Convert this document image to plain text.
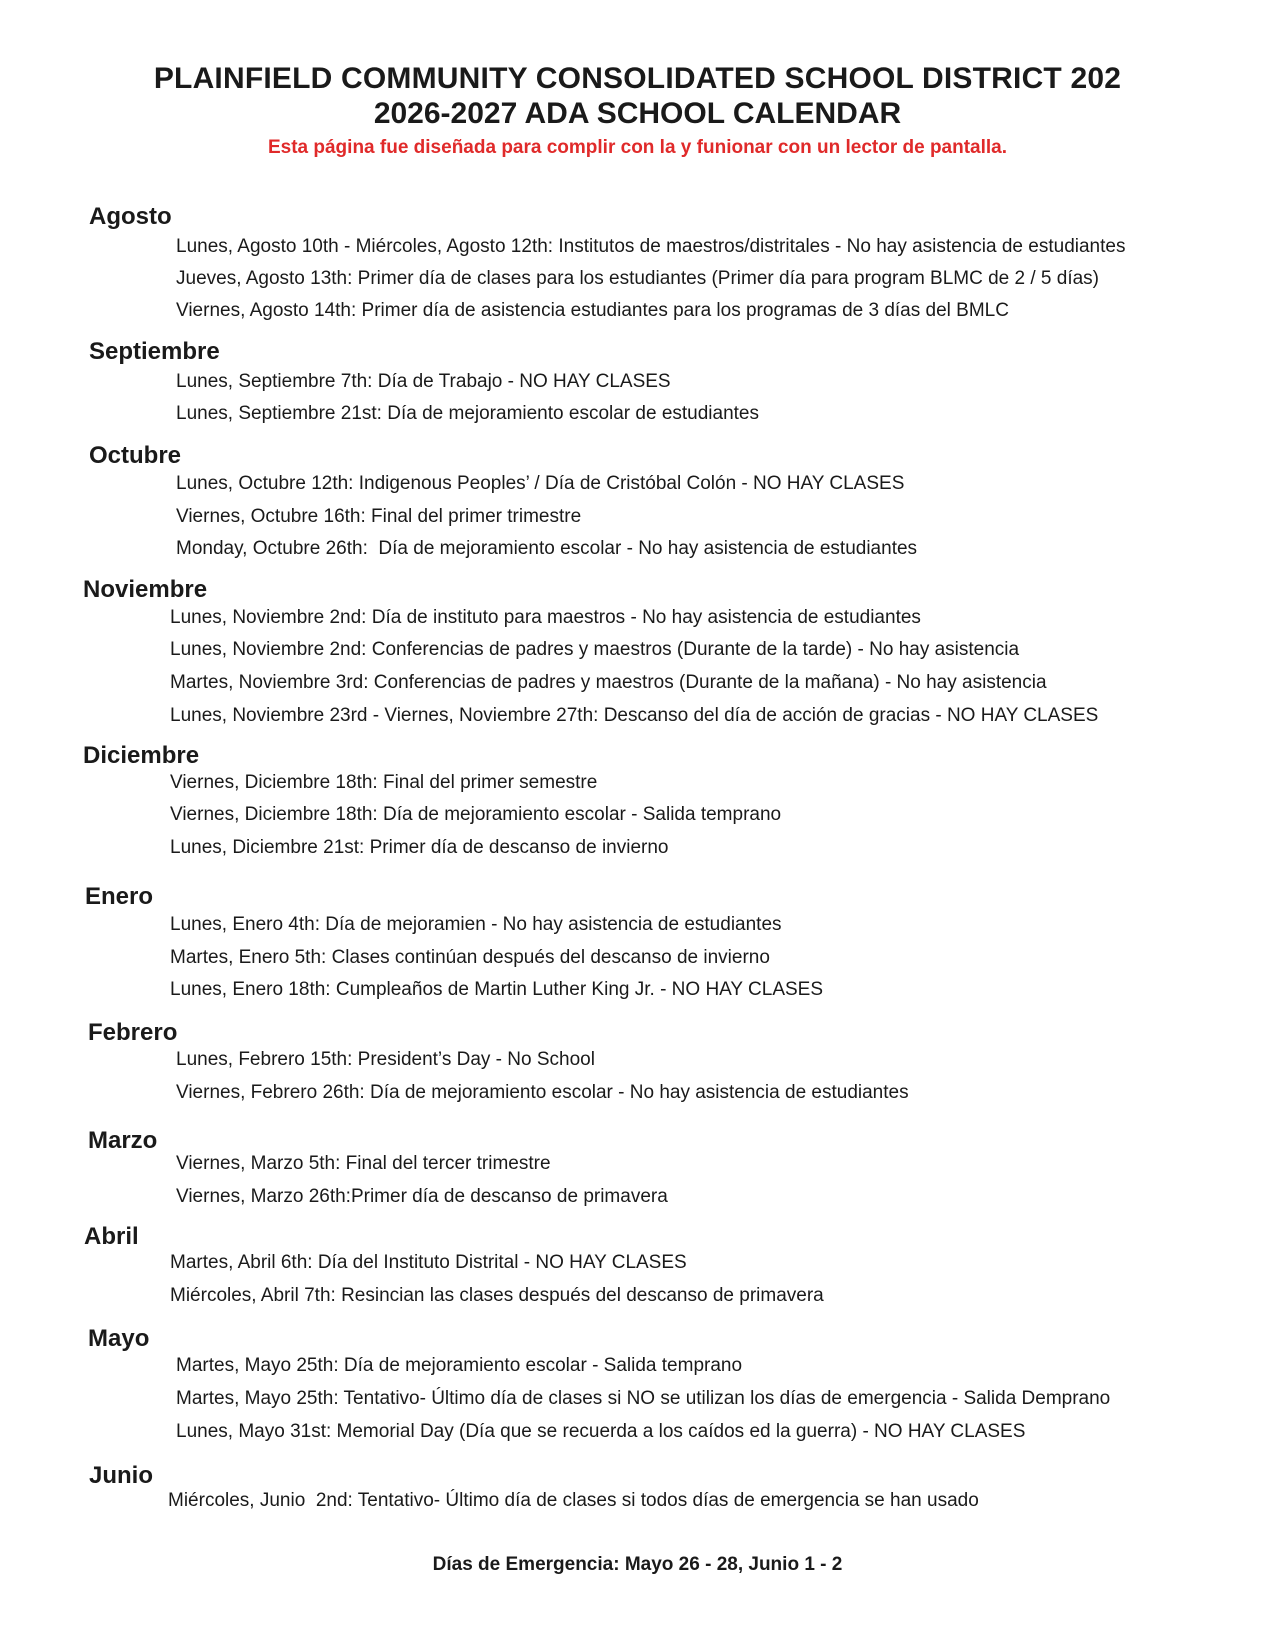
PLAINFIELD COMMUNITY CONSOLIDATED SCHOOL DISTRICT 202
2026-2027 ADA SCHOOL CALENDAR
Esta página fue diseñada para complir con la y funionar con un lector de pantalla.
Agosto
Lunes, Agosto 10th - Miércoles, Agosto 12th: Institutos de maestros/distritales - No hay asistencia de estudiantes
Jueves, Agosto 13th: Primer día de clases para los estudiantes (Primer día para program BLMC de 2 / 5 días)
Viernes, Agosto 14th: Primer día de asistencia estudiantes para los programas de 3 días del BMLC
Septiembre
Lunes, Septiembre 7th: Día de Trabajo - NO HAY CLASES
Lunes, Septiembre 21st: Día de mejoramiento escolar de estudiantes
Octubre
Lunes, Octubre 12th: Indigenous Peoples’ / Día de Cristóbal Colón - NO HAY CLASES
Viernes, Octubre 16th: Final del primer trimestre
Monday, Octubre 26th:  Día de mejoramiento escolar - No hay asistencia de estudiantes
Noviembre
Lunes, Noviembre 2nd: Día de instituto para maestros - No hay asistencia de estudiantes
Lunes, Noviembre 2nd: Conferencias de padres y maestros (Durante de la tarde) - No hay asistencia
Martes, Noviembre 3rd: Conferencias de padres y maestros (Durante de la mañana) - No hay asistencia
Lunes, Noviembre 23rd - Viernes, Noviembre 27th: Descanso del día de acción de gracias - NO HAY CLASES
Diciembre
Viernes, Diciembre 18th: Final del primer semestre
Viernes, Diciembre 18th: Día de mejoramiento escolar - Salida temprano
Lunes, Diciembre 21st: Primer día de descanso de invierno
Enero
Lunes, Enero 4th: Día de mejoramien - No hay asistencia de estudiantes
Martes, Enero 5th: Clases continúan después del descanso de invierno
Lunes, Enero 18th: Cumpleaños de Martin Luther King Jr. - NO HAY CLASES
Febrero
Lunes, Febrero 15th: President’s Day - No School
Viernes, Febrero 26th: Día de mejoramiento escolar - No hay asistencia de estudiantes
Marzo
Viernes, Marzo 5th: Final del tercer trimestre
Viernes, Marzo 26th:Primer día de descanso de primavera
Abril
Martes, Abril 6th: Día del Instituto Distrital - NO HAY CLASES
Miércoles, Abril 7th: Resincian las clases después del descanso de primavera
Mayo
Martes, Mayo 25th: Día de mejoramiento escolar - Salida temprano
Martes, Mayo 25th: Tentativo- Último día de clases si NO se utilizan los días de emergencia - Salida Demprano
Lunes, Mayo 31st: Memorial Day (Día que se recuerda a los caídos ed la guerra) - NO HAY CLASES
Junio
Miércoles, Junio  2nd: Tentativo- Último día de clases si todos días de emergencia se han usado
Días de Emergencia: Mayo 26 - 28, Junio 1 - 2
